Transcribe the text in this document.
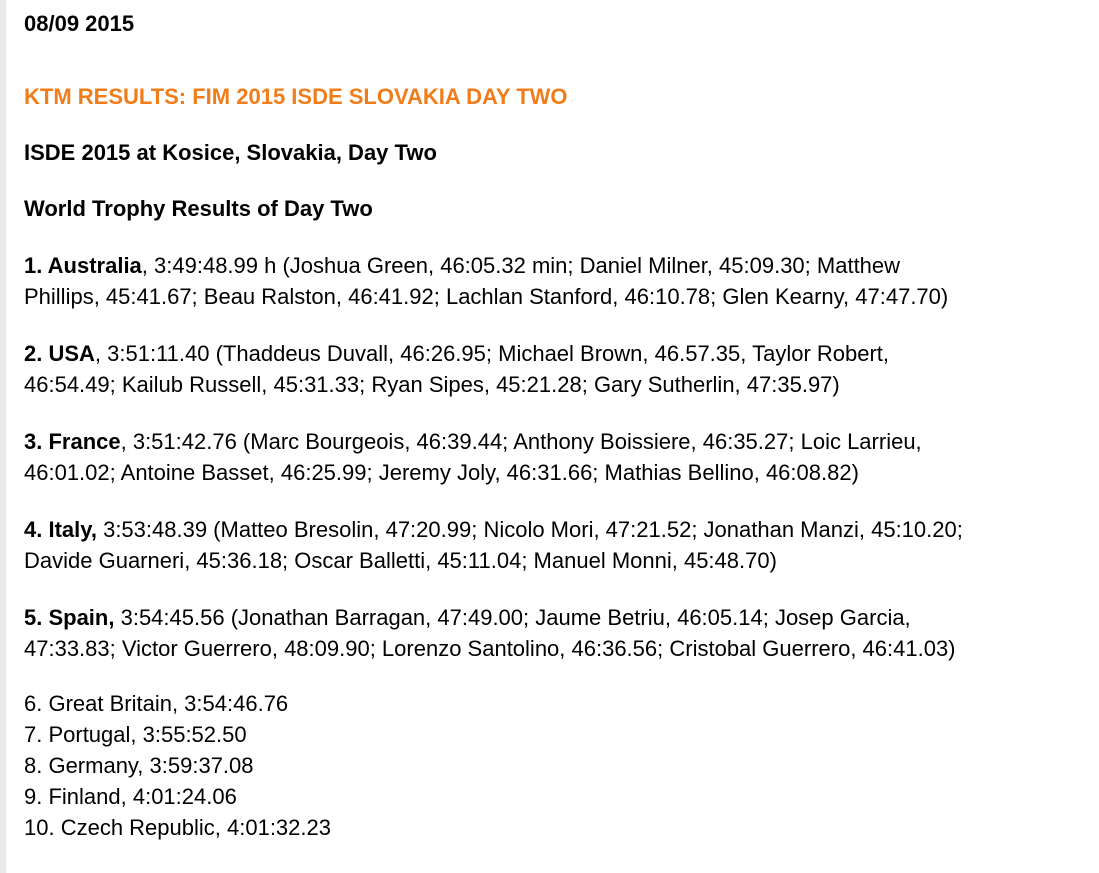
08/09 2015
KTM RESULTS: FIM 2015 ISDE SLOVAKIA DAY TWO
ISDE 2015 at Kosice, Slovakia, Day Two
World Trophy Results of Day Two
1. Australia, 3:49:48.99 h (Joshua Green, 46:05.32 min; Daniel Milner, 45:09.30; Matthew
Phillips, 45:41.67; Beau Ralston, 46:41.92; Lachlan Stanford, 46:10.78; Glen Kearny, 47:47.70)
2. USA, 3:51:11.40 (Thaddeus Duvall, 46:26.95; Michael Brown, 46.57.35, Taylor Robert,
46:54.49; Kailub Russell, 45:31.33; Ryan Sipes, 45:21.28; Gary Sutherlin, 47:35.97)
3. France, 3:51:42.76 (Marc Bourgeois, 46:39.44; Anthony Boissiere, 46:35.27; Loic Larrieu,
46:01.02; Antoine Basset, 46:25.99; Jeremy Joly, 46:31.66; Mathias Bellino, 46:08.82)
4. Italy, 3:53:48.39 (Matteo Bresolin, 47:20.99; Nicolo Mori, 47:21.52; Jonathan Manzi, 45:10.20;
Davide Guarneri, 45:36.18; Oscar Balletti, 45:11.04; Manuel Monni, 45:48.70)
5. Spain, 3:54:45.56 (Jonathan Barragan, 47:49.00; Jaume Betriu, 46:05.14; Josep Garcia,
47:33.83; Victor Guerrero, 48:09.90; Lorenzo Santolino, 46:36.56; Cristobal Guerrero, 46:41.03)
6. Great Britain, 3:54:46.76
7. Portugal, 3:55:52.50
8. Germany, 3:59:37.08
9. Finland, 4:01:24.06
10. Czech Republic, 4:01:32.23
